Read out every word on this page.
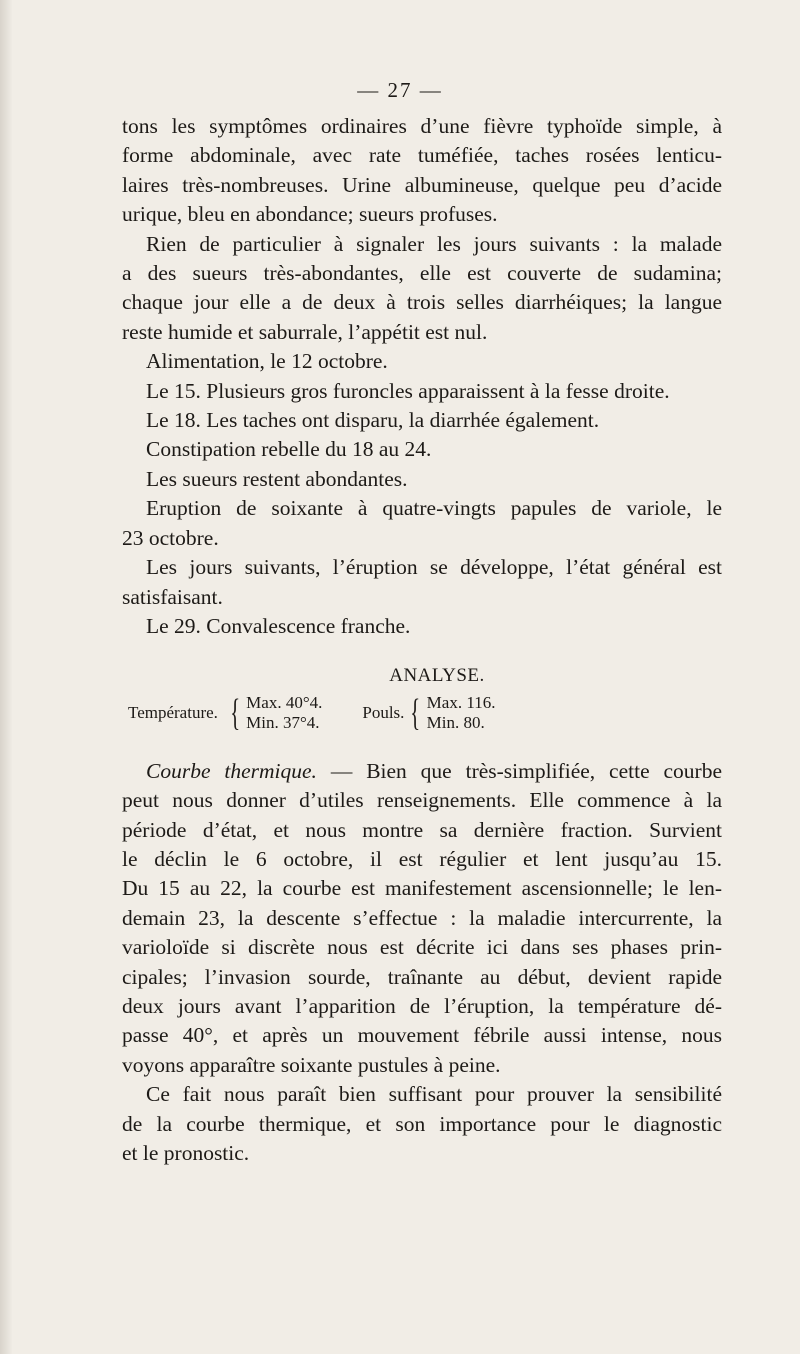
— 27 —

tons les symptômes ordinaires d’une fièvre typhoïde simple, à

forme abdominale, avec rate tuméfiée, taches rosées lenticu-

laires très-nombreuses. Urine albumineuse, quelque peu d’acide

urique, bleu en abondance; sueurs profuses.

Rien de particulier à signaler les jours suivants : la malade

a des sueurs très-abondantes, elle est couverte de sudamina;

chaque jour elle a de deux à trois selles diarrhéiques; la langue

reste humide et saburrale, l’appétit est nul.

Alimentation, le 12 octobre.

Le 15. Plusieurs gros furoncles apparaissent à la fesse droite.

Le 18. Les taches ont disparu, la diarrhée également.

Constipation rebelle du 18 au 24.

Les sueurs restent abondantes.

Eruption de soixante à quatre-vingts papules de variole, le

23 octobre.

Les jours suivants, l’éruption se développe, l’état général est

satisfaisant.

Le 29. Convalescence franche.

ANALYSE.
Température. { Max. 40°4.
Min. 37°4.
Pouls. { Max. 116.
Min. 80.

Courbe thermique. — Bien que très-simplifiée, cette courbe

peut nous donner d’utiles renseignements. Elle commence à la

période d’état, et nous montre sa dernière fraction. Survient

le déclin le 6 octobre, il est régulier et lent jusqu’au 15.

Du 15 au 22, la courbe est manifestement ascensionnelle; le len-

demain 23, la descente s’effectue : la maladie intercurrente, la

varioloïde si discrète nous est décrite ici dans ses phases prin-

cipales; l’invasion sourde, traînante au début, devient rapide

deux jours avant l’apparition de l’éruption, la température dé-

passe 40°, et après un mouvement fébrile aussi intense, nous

voyons apparaître soixante pustules à peine.

Ce fait nous paraît bien suffisant pour prouver la sensibilité

de la courbe thermique, et son importance pour le diagnostic

et le pronostic.
